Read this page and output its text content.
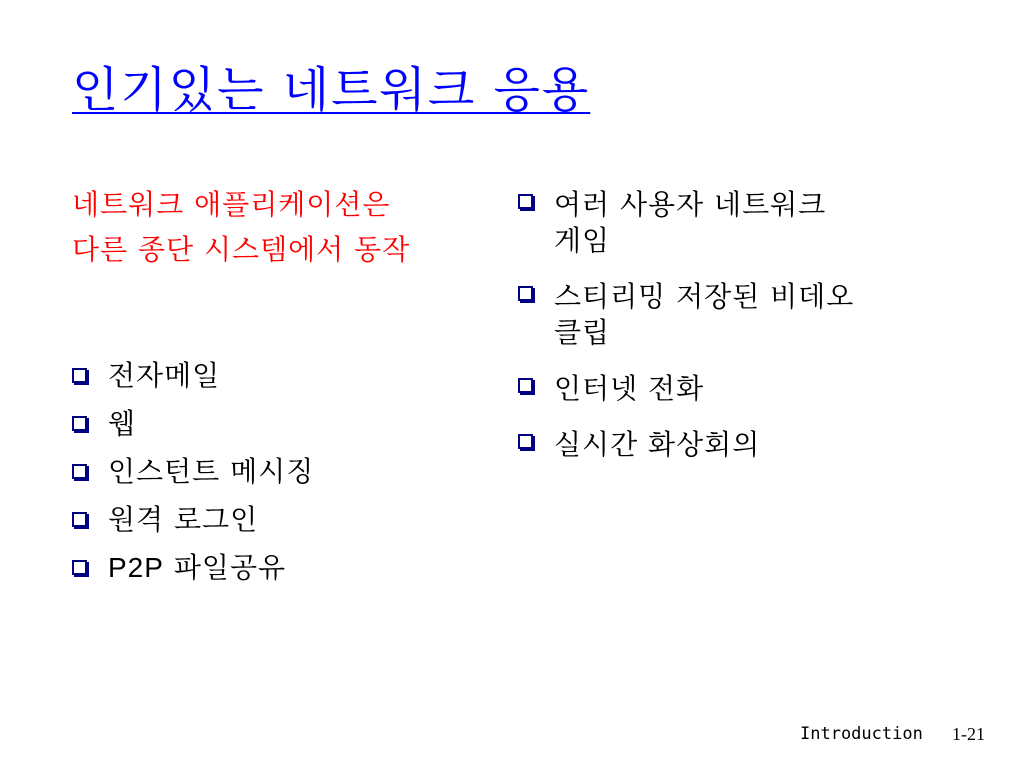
인기있는 네트워크 응용
네트워크 애플리케이션은
다른 종단 시스템에서 동작
전자메일
웹
인스턴트 메시징
원격 로그인
P2P 파일공유
여러 사용자 네트워크
게임
스티리밍 저장된 비데오
클립
인터넷 전화
실시간 화상회의
Introduction 1-21
